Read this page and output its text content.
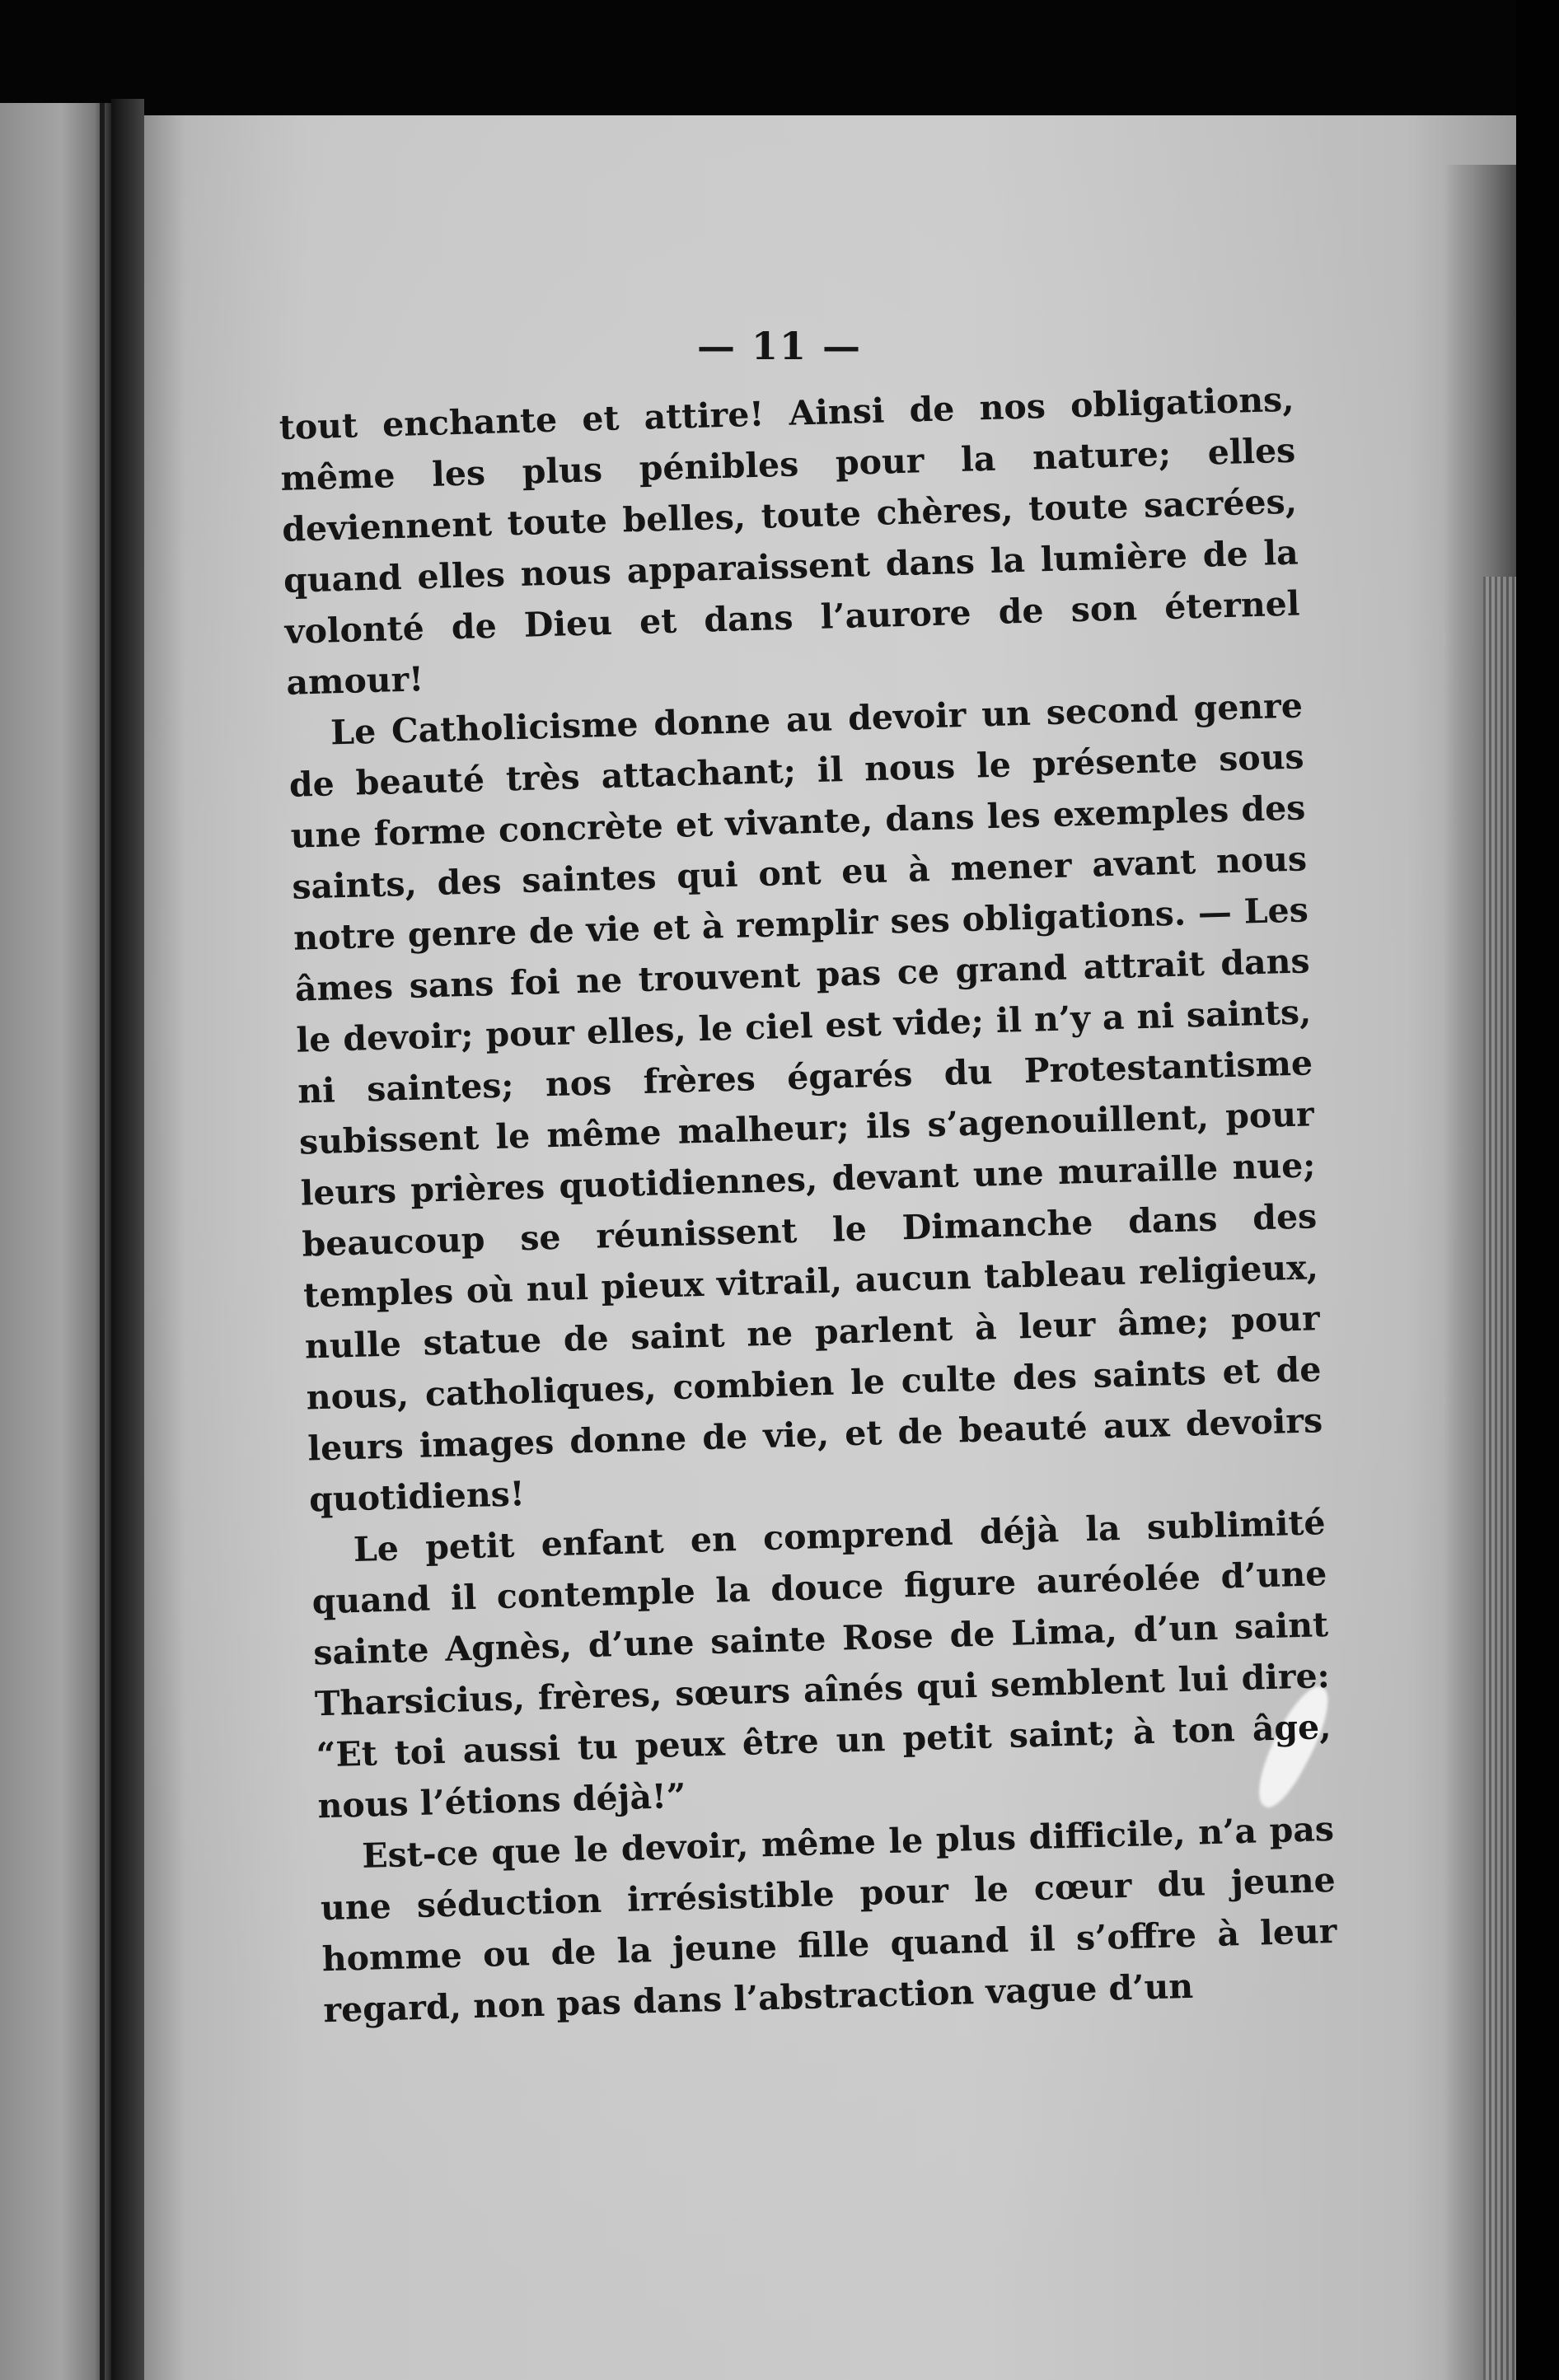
— 11 —

tout enchante et attire! Ainsi de nos obligations, même les plus pénibles pour la nature; elles deviennent toute belles, toute chères, toute sacrées, quand elles nous apparaissent dans la lumière de la volonté de Dieu et dans l’aurore de son éternel amour!

Le Catholicisme donne au devoir un second genre de beauté très attachant; il nous le présente sous une forme concrète et vivante, dans les exemples des saints, des saintes qui ont eu à mener avant nous notre genre de vie et à remplir ses obligations. — Les âmes sans foi ne trouvent pas ce grand attrait dans le devoir; pour elles, le ciel est vide; il n’y a ni saints, ni saintes; nos frères égarés du Protestantisme subissent le même malheur; ils s’agenouillent, pour leurs prières quotidiennes, devant une muraille nue; beaucoup se réunissent le Dimanche dans des temples où nul pieux vitrail, aucun tableau religieux, nulle statue de saint ne parlent à leur âme; pour nous, catholiques, combien le culte des saints et de leurs images donne de vie, et de beauté aux devoirs quotidiens!

Le petit enfant en comprend déjà la sublimité quand il contemple la douce figure auréolée d’une sainte Agnès, d’une sainte Rose de Lima, d’un saint Tharsicius, frères, sœurs aînés qui semblent lui dire: “Et toi aussi tu peux être un petit saint; à ton âge, nous l’étions déjà!”

Est-ce que le devoir, même le plus difficile, n’a pas une séduction irrésistible pour le cœur du jeune homme ou de la jeune fille quand il s’offre à leur regard, non pas dans l’abstraction vague d’un
